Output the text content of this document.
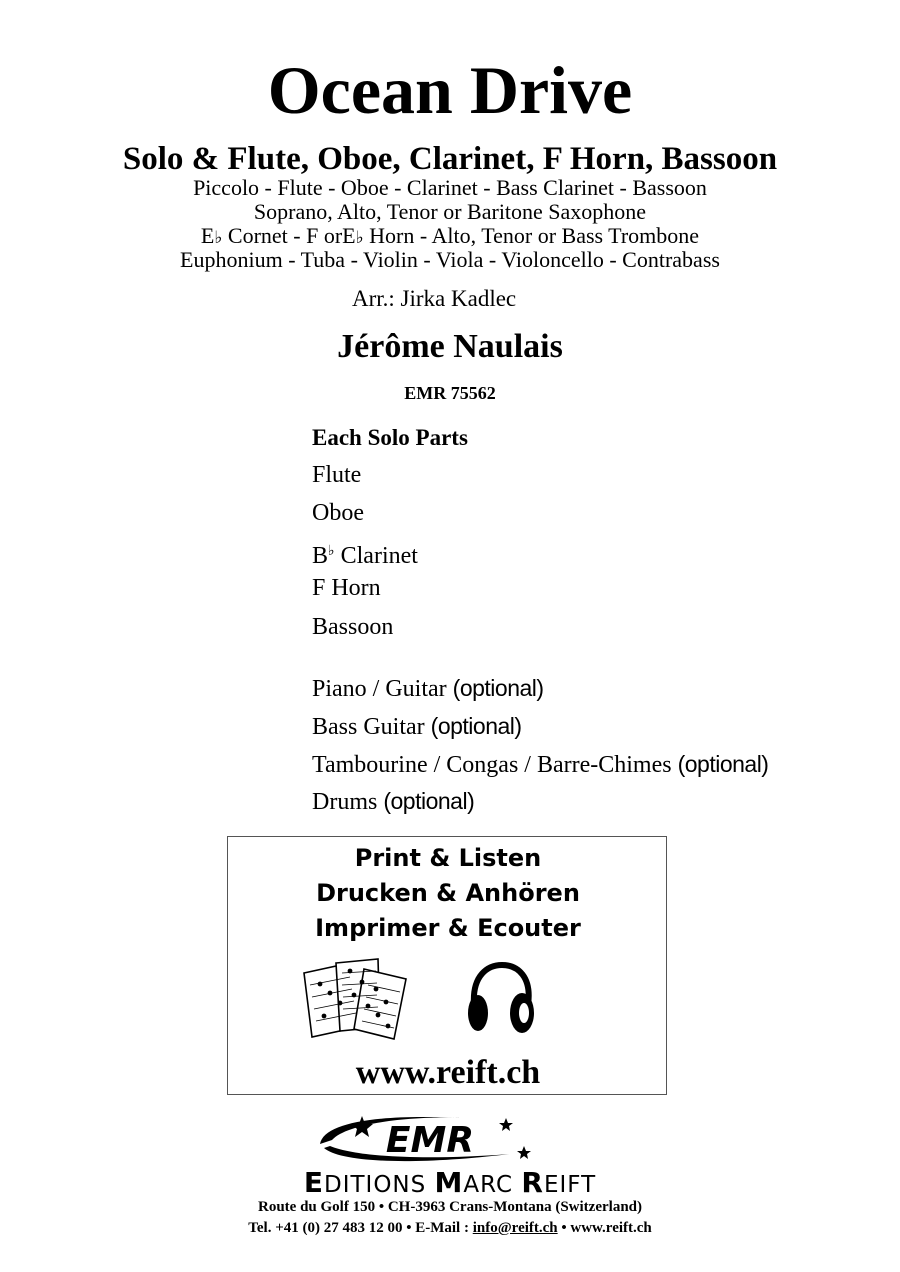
Ocean Drive
Solo & Flute, Oboe, Clarinet, F Horn, Bassoon
Piccolo - Flute - Oboe - Clarinet - Bass Clarinet - Bassoon
Soprano, Alto, Tenor or Baritone Saxophone
E♭ Cornet - F orE♭ Horn - Alto, Tenor or Bass Trombone
Euphonium - Tuba - Violin - Viola - Violoncello - Contrabass
Arr.: Jirka Kadlec
Jérôme Naulais
EMR 75562
Each Solo Parts
Flute
Oboe
B♭ Clarinet
F Horn
Bassoon
Piano / Guitar (optional)
Bass Guitar (optional)
Tambourine / Congas / Barre-Chimes (optional)
Drums (optional)
Print & Listen
Drucken & Anhören
Imprimer & Ecouter
www.reift.ch
EMR
EDITIONS MARC REIFT
Route du Golf 150 • CH-3963 Crans-Montana (Switzerland)
Tel. +41 (0) 27 483 12 00 • E-Mail : info@reift.ch • www.reift.ch
